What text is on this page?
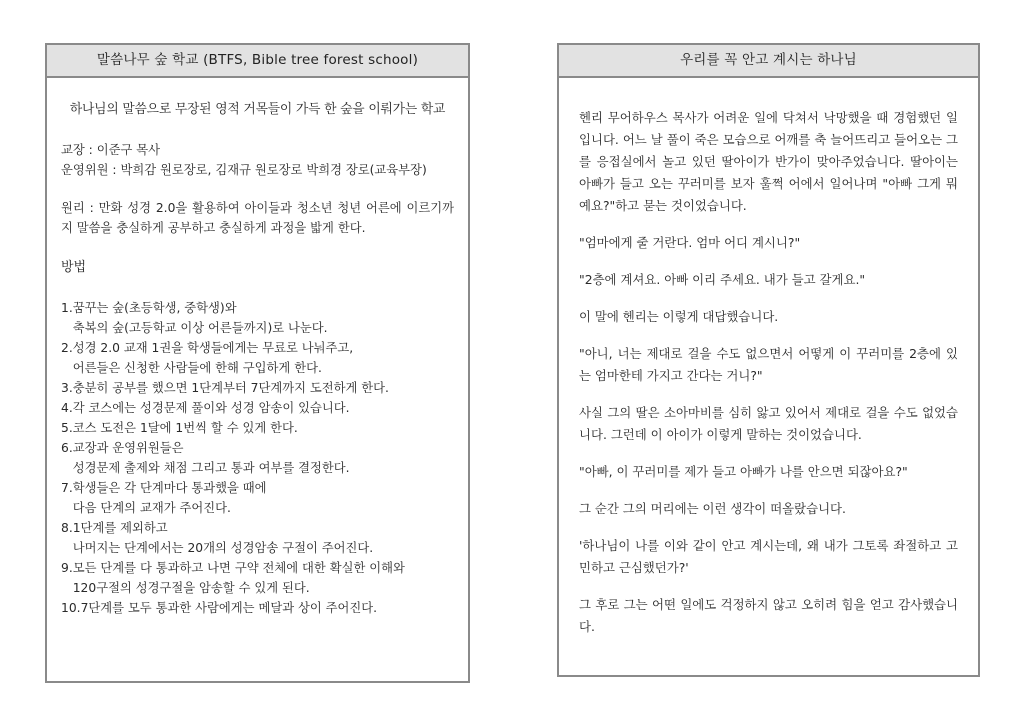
말씀나무 숲 학교 (BTFS, Bible tree forest school)

하나님의 말씀으로 무장된 영적 거목들이 가득 한 숲을 이뤄가는 학교

교장 : 이준구 목사

운영위원 : 박희감 원로장로, 김재규 원로장로 박희경 장로(교육부장)

원리 : 만화 성경 2.0을 활용하여 아이들과 청소년 청년 어른에 이르기까지 말씀을 충실하게 공부하고 충실하게 과정을 밟게 한다.

방법

1. 꿈꾸는 숲(초등학생, 중학생)와
축복의 숲(고등학교 이상 어른들까지)로 나눈다.
2. 성경 2.0 교재 1권을 학생들에게는 무료로 나눠주고,
어른들은 신청한 사람들에 한해 구입하게 한다.
3. 충분히 공부를 했으면 1단계부터 7단계까지 도전하게 한다.
4. 각 코스에는 성경문제 풀이와 성경 암송이 있습니다.
5. 코스 도전은 1달에 1번씩 할 수 있게 한다.
6. 교장과 운영위원들은
성경문제 출제와 채점 그리고 통과 여부를 결정한다.
7. 학생들은 각 단계마다 통과했을 때에
다음 단계의 교재가 주어진다.
8. 1단계를 제외하고
나머지는 단계에서는 20개의 성경암송 구절이 주어진다.
9. 모든 단계를 다 통과하고 나면 구약 전체에 대한 확실한 이해와
120구절의 성경구절을 암송할 수 있게 된다.
10. 7단계를 모두 통과한 사람에게는 메달과 상이 주어진다.
우리를 꼭 안고 계시는 하나님

헨리 무어하우스 목사가 어려운 일에 닥쳐서 낙망했을 때 경험했던 일입니다. 어느 날 풀이 죽은 모습으로 어깨를 축 늘어뜨리고 들어오는 그를 응접실에서 놀고 있던 딸아이가 반가이 맞아주었습니다. 딸아이는 아빠가 들고 오는 꾸러미를 보자 훌쩍 어에서 일어나며 "아빠 그게 뭐예요?"하고 묻는 것이었습니다.

"엄마에게 줄 거란다. 엄마 어디 계시니?"

"2층에 계셔요. 아빠 이리 주세요. 내가 들고 갈게요."

이 말에 헨리는 이렇게 대답했습니다.

"아니, 너는 제대로 걸을 수도 없으면서 어떻게 이 꾸러미를 2층에 있는 엄마한테 가지고 간다는 거니?"

사실 그의 딸은 소아마비를 심히 앓고 있어서 제대로 걸을 수도 없었습니다. 그런데 이 아이가 이렇게 말하는 것이었습니다.

"아빠, 이 꾸러미를 제가 들고 아빠가 나를 안으면 되잖아요?"

그 순간 그의 머리에는 이런 생각이 떠올랐습니다.

'하나님이 나를 이와 같이 안고 계시는데, 왜 내가 그토록 좌절하고 고민하고 근심했던가?'

그 후로 그는 어떤 일에도 걱정하지 않고 오히려 힘을 얻고 감사했습니다.
